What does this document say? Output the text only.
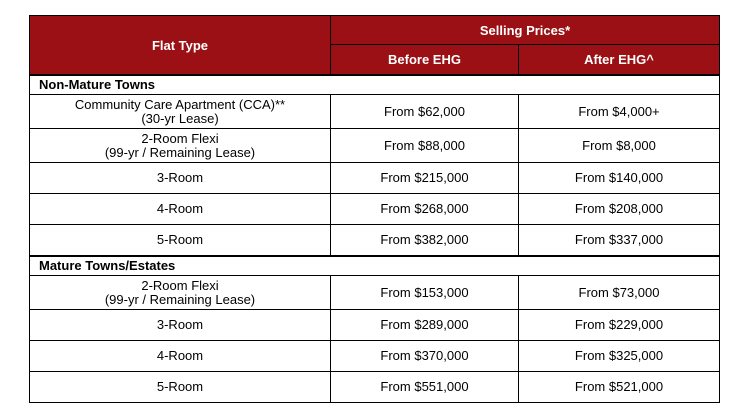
Flat Type	Selling Prices*	
	Before EHG	After EHG^
Non-Mature Towns		

Community Care Apartment (CCA)**
(30-yr Lease)	From $62,000	From $4,000+

2-Room Flexi
(99-yr / Remaining Lease)	From $88,000	From $8,000
3-Room	From $215,000	From $140,000
4-Room	From $268,000	From $208,000
5-Room	From $382,000	From $337,000
Mature Towns/Estates		

2-Room Flexi
(99-yr / Remaining Lease)	From $153,000	From $73,000
3-Room	From $289,000	From $229,000
4-Room	From $370,000	From $325,000
5-Room	From $551,000	From $521,000
